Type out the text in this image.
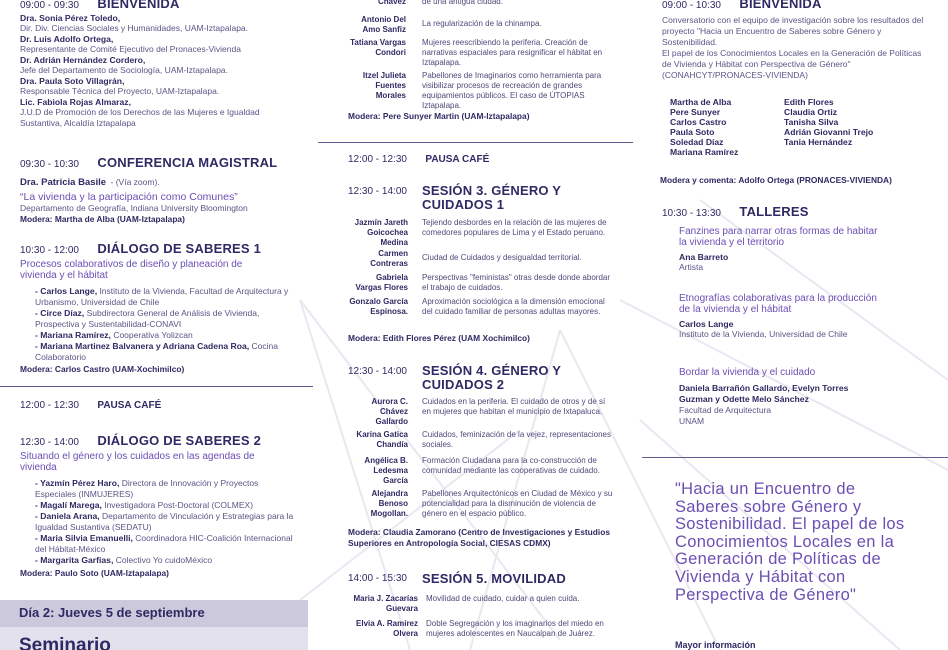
09:00 - 09:30 BIENVENIDA
Dra. Sonia Pérez Toledo,
Dir. Div. Ciencias Sociales y Humanidades, UAM-Iztapalapa.
Dr. Luis Adolfo Ortega,
Representante de Comité Ejecutivo del Pronaces-Vivienda
Dr. Adrián Hernández Cordero,
Jefe del Departamento de Sociología, UAM-Iztapalapa.
Dra. Paula Soto Villagrán,
Responsable Técnica del Proyecto, UAM-Iztapalapa.
Lic. Fabiola Rojas Almaraz,
J.U.D de Promoción de los Derechos de las Mujeres e Igualdad Sustantiva, Alcaldía Iztapalapa
09:30 - 10:30 CONFERENCIA MAGISTRAL
Dra. Patricia Basile - (Vía zoom).
“La vivienda y la participación como Comunes”
Departamento de Geografía, Indiana University Bloomington
Modera: Martha de Alba (UAM-Iztapalapa)
10:30 - 12:00 DIÁLOGO DE SABERES 1
Procesos colaborativos de diseño y planeación de vivienda y el hábitat
- Carlos Lange, Instituto de la Vivienda, Facultad de Arquitectura y Urbanismo, Universidad de Chile
- Circe Díaz, Subdirectora General de Análisis de Vivienda, Prospectiva y Sustentabilidad-CONAVI
- Mariana Ramírez, Cooperativa Yolizcan
- Mariana Martinez Balvanera y Adriana Cadena Roa, Cocina Colaboratorio
Modera: Carlos Castro (UAM-Xochimilco)
12:00 - 12:30 PAUSA CAFÉ
12:30 - 14:00 DIÁLOGO DE SABERES 2
Situando el género y los cuidados en las agendas de vivienda
- Yazmín Pérez Haro, Directora de Innovación y Proyectos Especiales (INMUJERES)
- Magalí Marega, Investigadora Post-Doctoral (COLMEX)
- Daniela Arana, Departamento de Vinculación y Estrategias para la Igualdad Sustantiva (SEDATU)
- Maria Silvia Emanuelli, Coordinadora HIC-Coalición Internacional del Hábitat-México
- Margarita Garfias, Colectivo Yo cuidoMéxico
Modera: Paulo Soto (UAM-Iztapalapa)
Día 2: Jueves 5 de septiembre
Seminario
Chávez de una antigua ciudad.
Antonio Del Amo Sanfiz
La regularización de la chinampa.
Tatiana Vargas Condori
Mujeres reescribiendo la periferia. Creación de narrativas espaciales para resignificar el hábitat en Iztapalapa.
Itzel Julieta Fuentes Morales
Pabellones de Imaginarios como herramienta para visibilizar procesos de recreación de grandes equipamientos públicos. El caso de ÚTOPIAS Iztapalapa.
Modera: Pere Sunyer Martin (UAM-Iztapalapa)
12:00 - 12:30 PAUSA CAFÉ
12:30 - 14:00 SESIÓN 3. GÉNERO Y CUIDADOS 1
Jazmín Jareth Goicochea Medina
Tejiendo desbordes en la relación de las mujeres de comedores populares de Lima y el Estado peruano.
Carmen Contreras
Ciudad de Cuidados y desigualdad territorial.
Gabriela Vargas Flores
Perspectivas "feministas" otras desde donde abordar el trabajo de cuidados.
Gonzalo García Espinosa.
Aproximación sociológica a la dimensión emocional del cuidado familiar de personas adultas mayores.
Modera: Edith Flores Pérez (UAM Xochimilco)
12:30 - 14:00 SESIÓN 4. GÉNERO Y CUIDADOS 2
Aurora C. Chávez Gallardo
Cuidados en la periferia. El cuidado de otros y de sí en mujeres que habitan el municipio de Ixtapaluca.
Karina Gatica Chandía
Cuidados, feminización de la vejez, representaciones sociales.
Angélica B. Ledesma García
Formación Ciudadana para la co-construcción de comunidad mediante las cooperativas de cuidado.
Alejandra Benoso Mogollan.
Pabellones Arquitectónicos en Ciudad de México y su potencialidad para la disminución de violencia de género en el espacio público.
Modera: Claudia Zamorano (Centro de Investigaciones y Estudios Superiores en Antropología Social, CIESAS CDMX)
14:00 - 15:30 SESIÓN 5. MOVILIDAD
Maria J. Zacarías Guevara
Movilidad de cuidado, cuidar a quien cuida.
Elvia A. Ramírez Olvera
Doble Segregación y los imaginarios del miedo en mujeres adolescentes en Naucalpan de Juárez.
09:00 - 10:30 BIENVENIDA
Conversatorio con el equipo de investigación sobre los resultados del proyecto "Hacia un Encuentro de Saberes sobre Género y Sostenibilidad.
El papel de los Conocimientos Locales en la Generación de Políticas de Vivienda y Hábitat con Perspectiva de Género" (CONAHCYT/PRONACES-VIVIENDA)
Martha de Alba
Pere Sunyer
Carlos Castro
Paula Soto
Soledad Díaz
Mariana Ramírez
Edith Flores
Claudia Ortiz
Tanisha Silva
Adrián Giovanni Trejo
Tania Hernández
Modera y comenta: Adolfo Ortega (PRONACES-VIVIENDA)
10:30 - 13:30 TALLERES
Fanzines para narrar otras formas de habitar la vivienda y el territorio
Ana Barreto
Artista
Etnografías colaborativas para la producción de la vivienda y el hábitat
Carlos Lange
Instituto de la Vivienda, Universidad de Chile
Bordar la vivienda y el cuidado
Daniela Barrañón Gallardo, Evelyn Torres Guzman y Odette Melo Sánchez
Facultad de Arquitectura UNAM
"Hacia un Encuentro de Saberes sobre Género y Sostenibilidad. El papel de los Conocimientos Locales en la Generación de Políticas de Vivienda y Hábitat con Perspectiva de Género"
Mayor información
